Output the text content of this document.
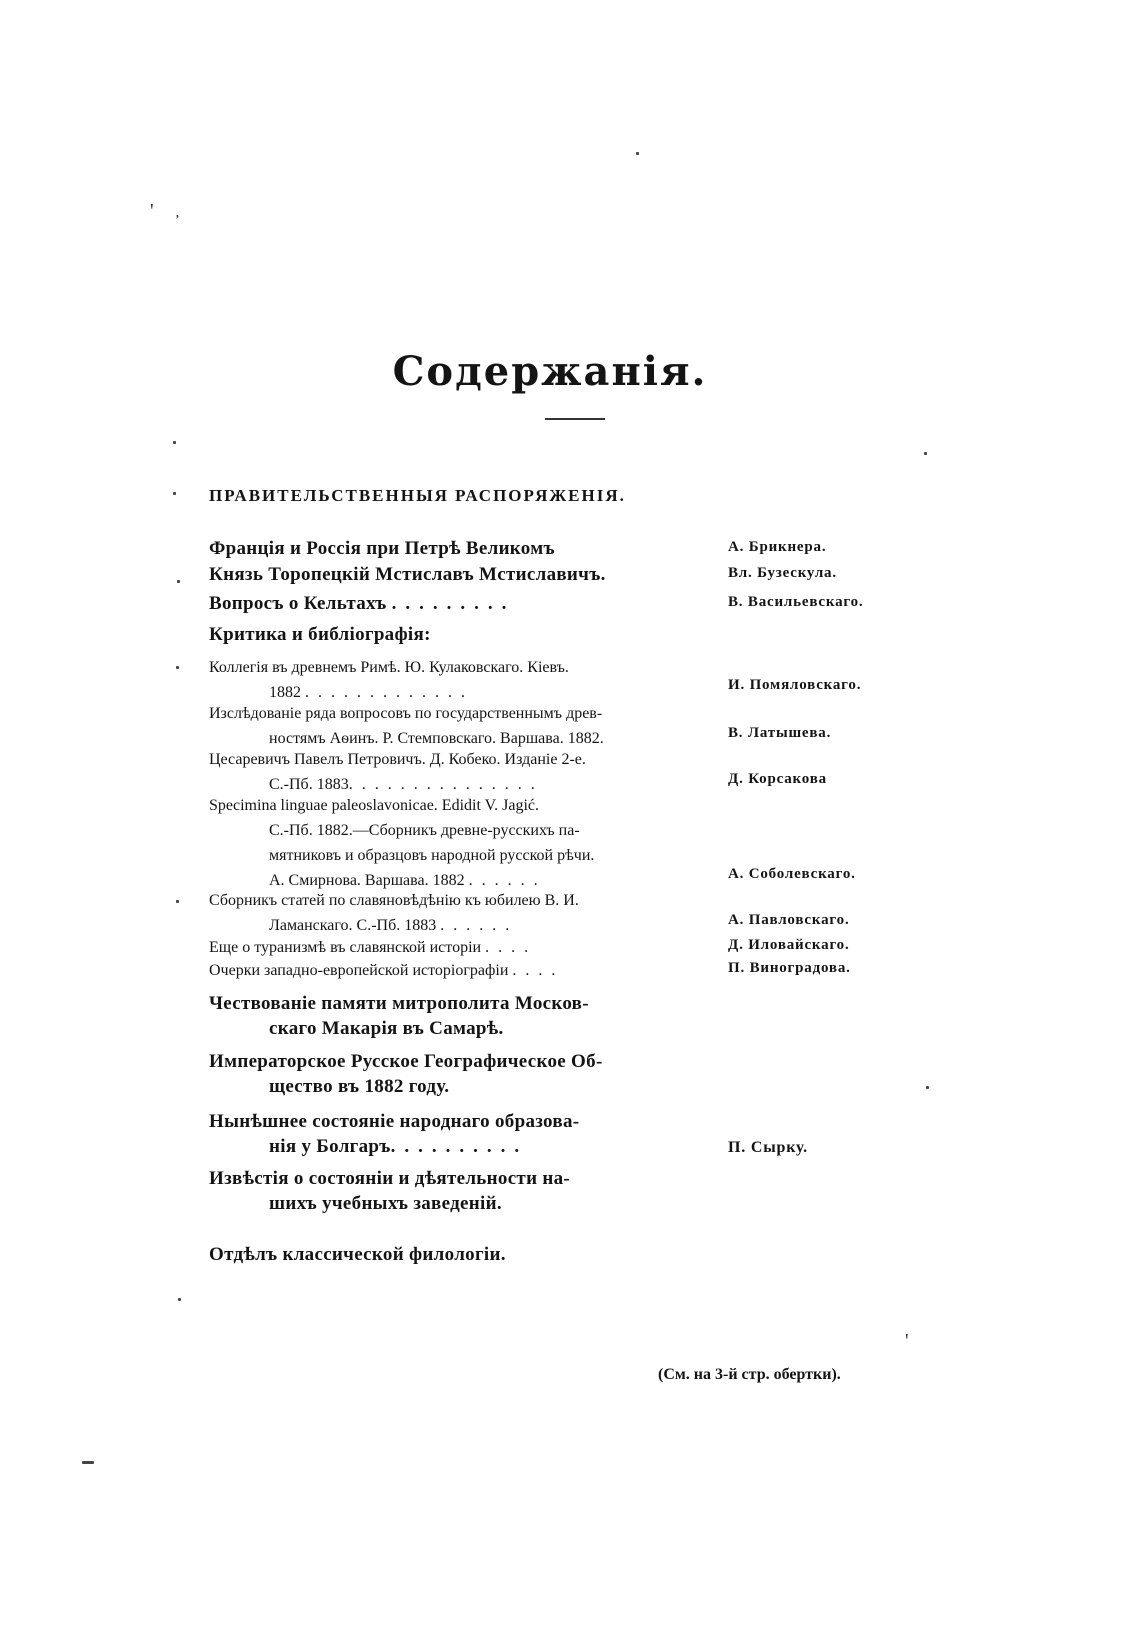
Содержанія.
ПРАВИТЕЛЬСТВЕННЫЯ РАСПОРЯЖЕНІЯ.
Франція и Россія при Петрѣ Великомъ	А. Брикнера.
Князь Торопецкій Мстиславъ Мстиславичъ.	Вл. Бузескула.
Вопросъ о Кельтахъ .........	В. Васильевскаго.
Критика и библіографія:
Коллегія въ древнемъ Римѣ. Ю. Кулаковскаго. Кіевъ.
1882 .............	И. Помяловскаго.
Изслѣдованіе ряда вопросовъ по государственнымъ древ-
ностямъ Аѳинъ. Р. Стемповскаго. Варшава. 1882.	В. Латышева.
Цесаревичъ Павелъ Петровичъ. Д. Кобеко. Изданіе 2-е.
С.-Пб. 1883...............	Д. Корсакова
Specimina linguae paleoslavonicae. Edidit V. Jagić.
С.-Пб. 1882.—Сборникъ древне-русскихъ па-
мятниковъ и образцовъ народной русской рѣчи.
А. Смирнова. Варшава. 1882 ......	А. Соболевскаго.
Сборникъ статей по славяновѣдѣнію къ юбилею В. И.
Ламанскаго. С.-Пб. 1883 ......	А. Павловскаго.
Еще о туранизмѣ въ славянской исторіи ....	Д. Иловайскаго.
Очерки западно-европейской исторіографіи ....	П. Виноградова.
Чествованіе памяти митрополита Москов-
скаго Макарія въ Самарѣ.
Императорское Русское Географическое Об-
щество въ 1882 году.
Нынѣшнее состояніе народнаго образова-
нія у Болгаръ..........	П. Сырку.
Извѣстія о состояніи и дѣятельности на-
шихъ учебныхъ заведеній.
Отдѣлъ классической филологіи.
(См. на 3-й стр. обертки).
'
᾿
'
